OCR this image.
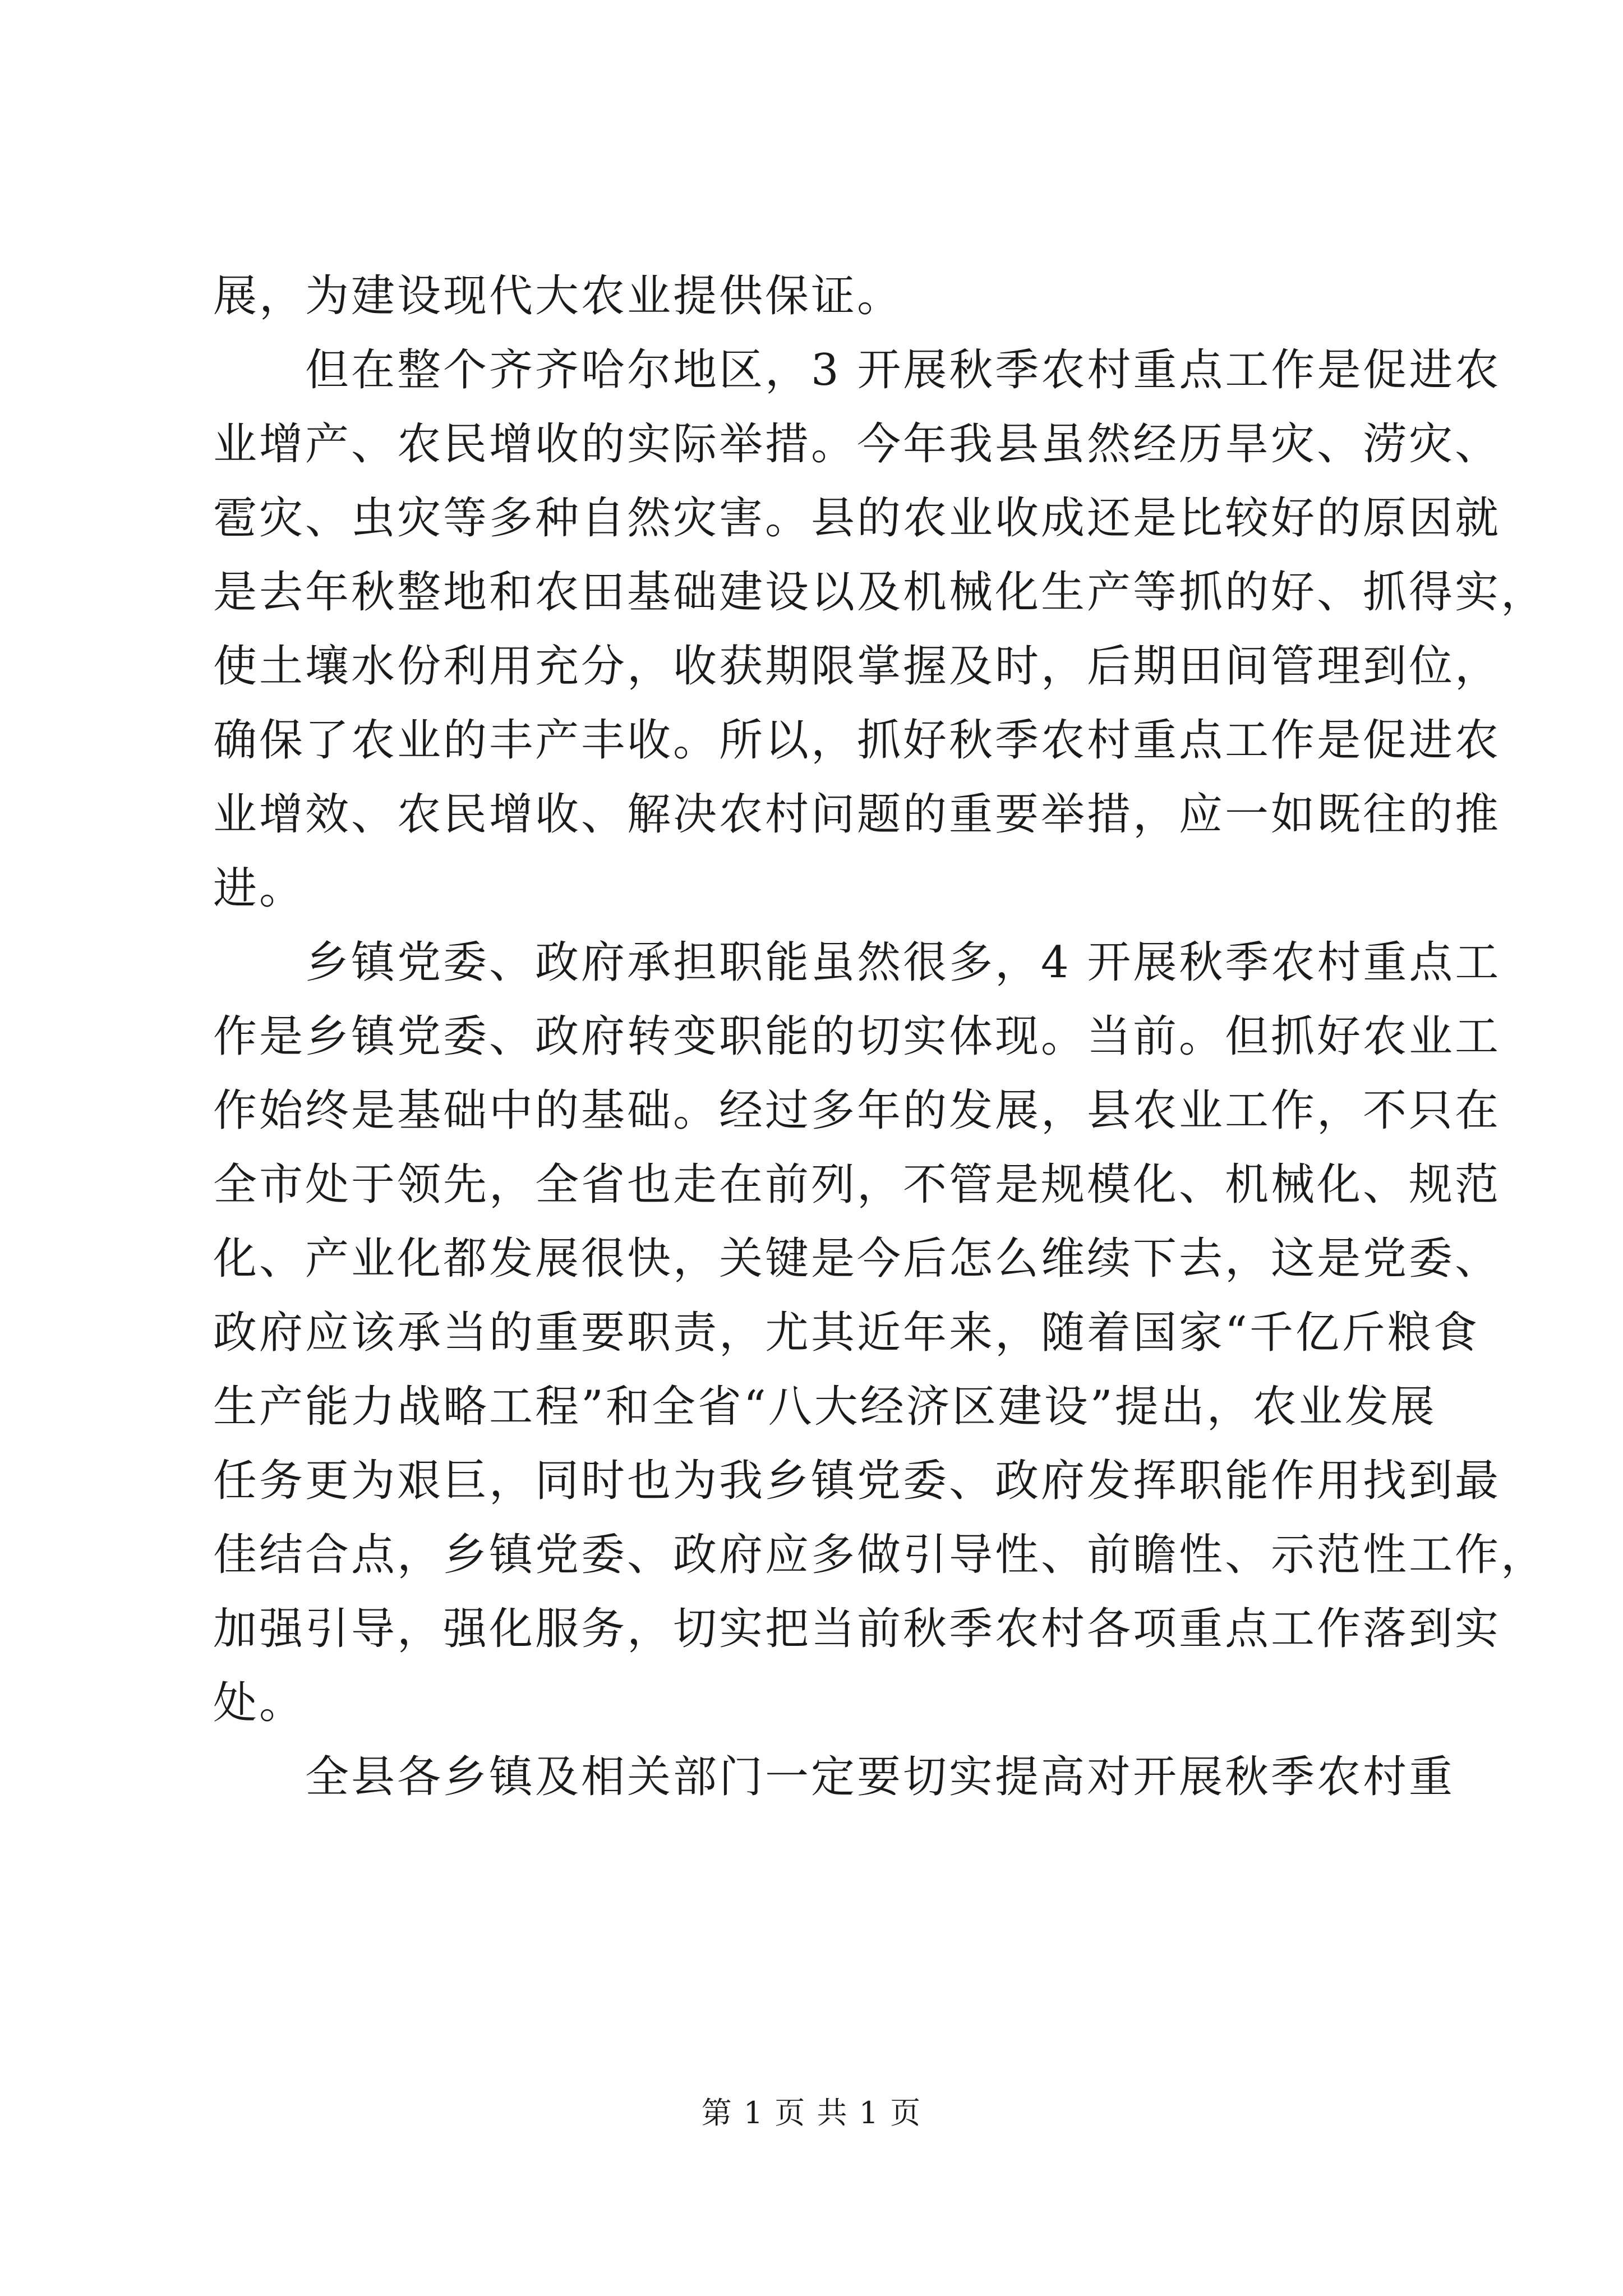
展，为建设现代大农业提供保证。
但在整个齐齐哈尔地区，3 开展秋季农村重点工作是促进农
业增产、农民增收的实际举措。今年我县虽然经历旱灾、涝灾、
雹灾、虫灾等多种自然灾害。县的农业收成还是比较好的原因就
是去年秋整地和农田基础建设以及机械化生产等抓的好、抓得实，
使土壤水份利用充分，收获期限掌握及时，后期田间管理到位，
确保了农业的丰产丰收。所以，抓好秋季农村重点工作是促进农
业增效、农民增收、解决农村问题的重要举措，应一如既往的推
进。
乡镇党委、政府承担职能虽然很多，4 开展秋季农村重点工
作是乡镇党委、政府转变职能的切实体现。当前。但抓好农业工
作始终是基础中的基础。经过多年的发展，县农业工作，不只在
全市处于领先，全省也走在前列，不管是规模化、机械化、规范
化、产业化都发展很快，关键是今后怎么维续下去，这是党委、
政府应该承当的重要职责，尤其近年来，随着国家“千亿斤粮食
生产能力战略工程”和全省“八大经济区建设”提出，农业发展
任务更为艰巨，同时也为我乡镇党委、政府发挥职能作用找到最
佳结合点，乡镇党委、政府应多做引导性、前瞻性、示范性工作，
加强引导，强化服务，切实把当前秋季农村各项重点工作落到实
处。
全县各乡镇及相关部门一定要切实提高对开展秋季农村重
第 1 页 共 1 页
